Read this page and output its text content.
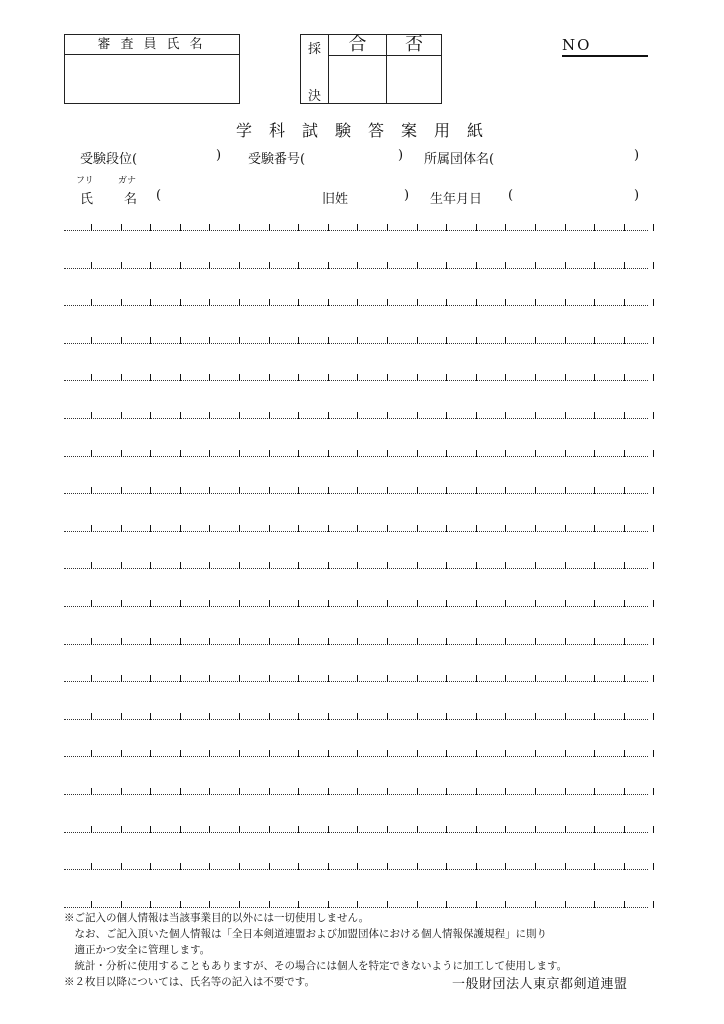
審査員氏名	採
決
合	否	NO
学科試験答案用紙
受験段位(	) 受験番号(	) 所属団体名(	)
フリ	ガナ
氏 名 (	旧姓	) 生年月日 (	)
※ご記入の個人情報は当該事業目的以外には一切使用しません。
　なお、ご記入頂いた個人情報は「全日本剣道連盟および加盟団体における個人情報保護規程」に則り
　適正かつ安全に管理します。
　統計・分析に使用することもありますが、その場合には個人を特定できないように加工して使用します。
※２枚目以降については、氏名等の記入は不要です。	一般財団法人東京都剣道連盟
